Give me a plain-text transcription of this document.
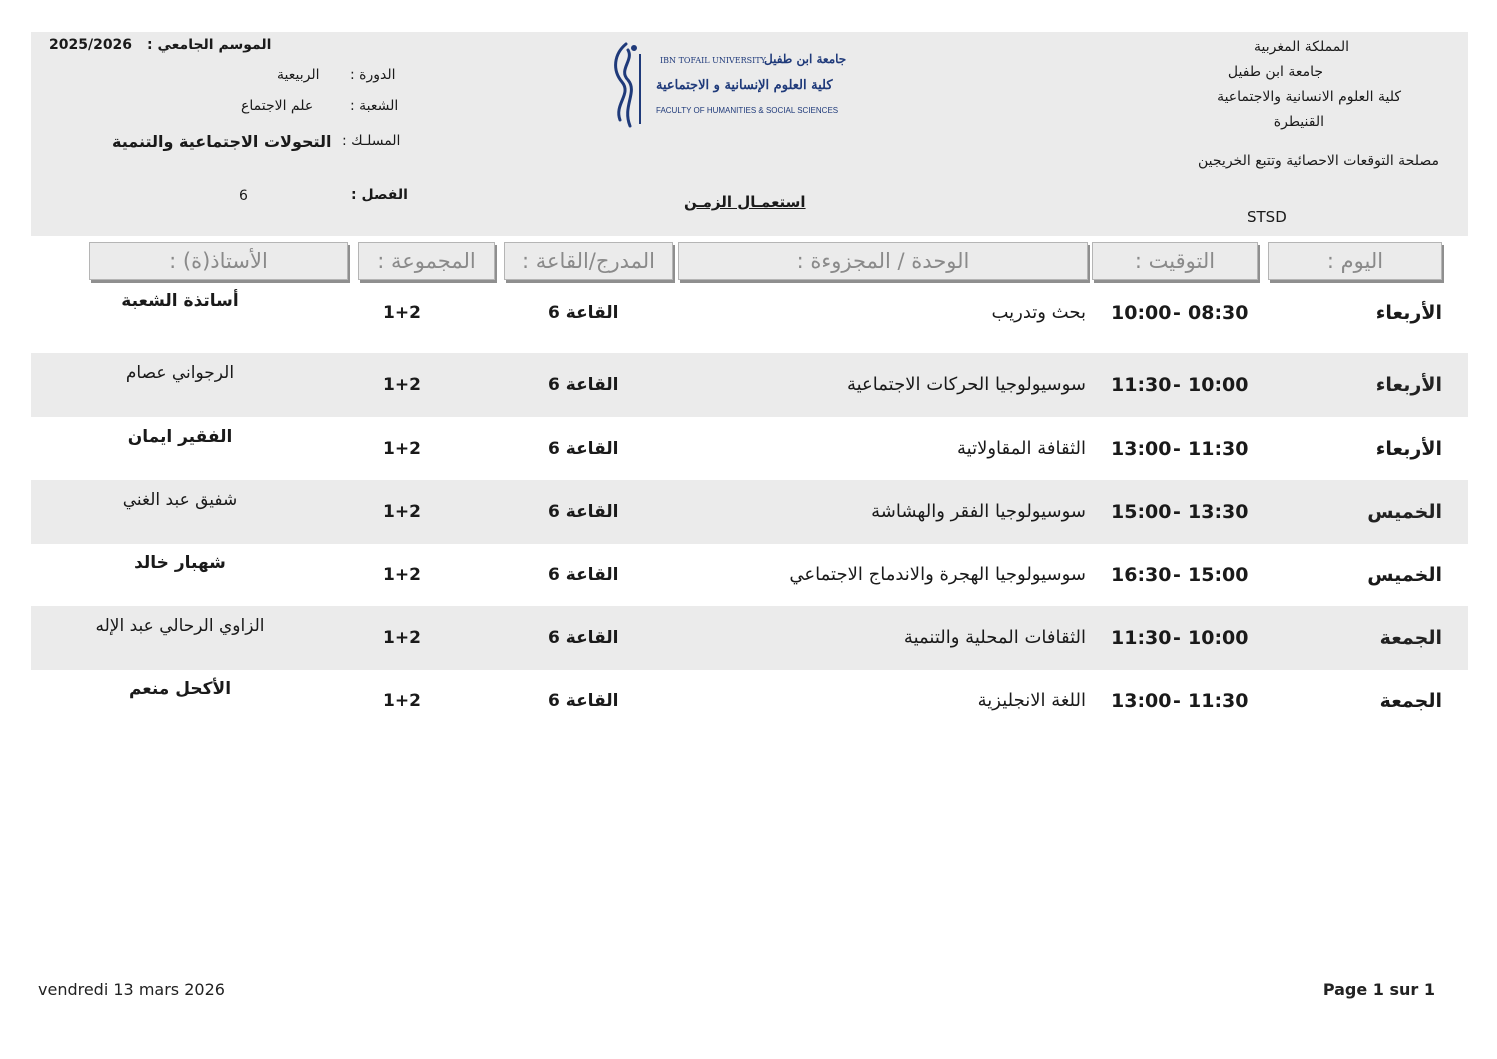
المملكة المغربية
جامعة ابن طفيل
كلية العلوم الانسانية والاجتماعية
القنيطرة
مصلحة التوقعات الاحصائية وتتبع الخريجين
STSD
الموسم الجامعي :
2025/2026
الدورة :
الربيعية
الشعبة :
علم الاجتماع
المسلـك :
التحولات الاجتماعية والتنمية
الفصل :
6	استعمـال الزمـن
IBN TOFAIL UNIVERSITY
جامعة ابن طفيل
كلية العلوم الإنسانية و الاجتماعية
FACULTY OF HUMANITIES & SOCIAL SCIENCES
اليوم :
التوقيت :
الوحدة / المجزوءة :
المدرج/القاعة :
المجموعة :
الأستاذ(ة) :
الأربعاء
08:30
-
10:00
بحث وتدريب
القاعة 6
1+2
أساتذة الشعبة
الأربعاء
10:00
-
11:30
سوسيولوجيا الحركات الاجتماعية
القاعة 6
1+2
الرجواني عصام
الأربعاء
11:30
-
13:00
الثقافة المقاولاتية
القاعة 6
1+2
الفقير ايمان
الخميس
13:30
-
15:00
سوسيولوجيا الفقر والهشاشة
القاعة 6
1+2
شفيق عبد الغني
الخميس
15:00
-
16:30
سوسيولوجيا الهجرة والاندماج الاجتماعي
القاعة 6
1+2
شهبار خالد
الجمعة
10:00
-
11:30
الثقافات المحلية والتنمية
القاعة 6
1+2
الزاوي الرحالي عبد الإله
الجمعة
11:30
-
13:00
اللغة الانجليزية
القاعة 6
1+2
الأكحل منعم
vendredi 13 mars 2026	Page 1 sur 1
